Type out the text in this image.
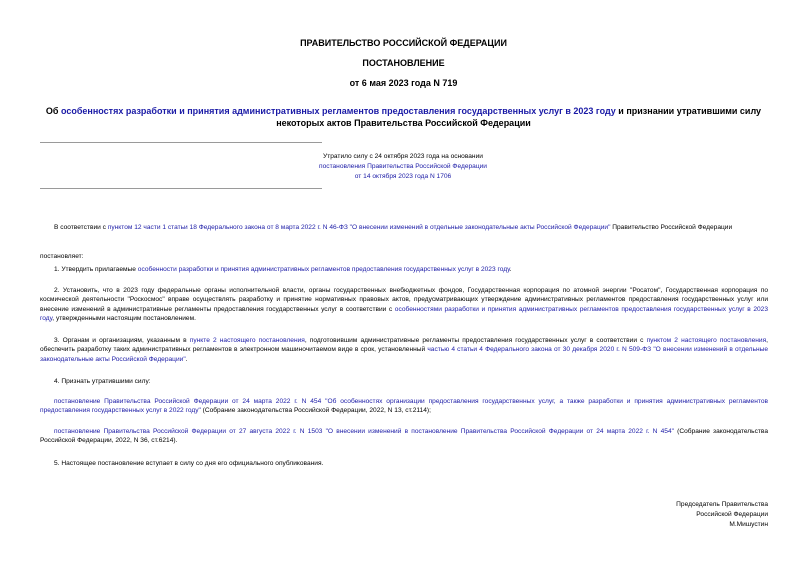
ПРАВИТЕЛЬСТВО РОССИЙСКОЙ ФЕДЕРАЦИИ
ПОСТАНОВЛЕНИЕ
от 6 мая 2023 года N 719
Об особенностях разработки и принятия административных регламентов предоставления государственных услуг в 2023 году и признании утратившими силу
некоторых актов Правительства Российской Федерации
Утратило силу с 24 октября 2023 года на основании
постановления Правительства Российской Федерации
от 14 октября 2023 года N 1706
В соответствии с пунктом 12 части 1 статьи 18 Федерального закона от 8 марта 2022 г. N 46-ФЗ "О внесении изменений в отдельные законодательные акты Российской Федерации" Правительство Российской Федерации
постановляет:
1. Утвердить прилагаемые особенности разработки и принятия административных регламентов предоставления государственных услуг в 2023 году.
2. Установить, что в 2023 году федеральные органы исполнительной власти, органы государственных внебюджетных фондов, Государственная корпорация по атомной энергии "Росатом", Государственная корпорация по космической деятельности "Роскосмос" вправе осуществлять разработку и принятие нормативных правовых актов, предусматривающих утверждение административных регламентов предоставления государственных услуг или внесение изменений в административные регламенты предоставления государственных услуг в соответствии с особенностями разработки и принятия административных регламентов предоставления государственных услуг в 2023 году, утвержденными настоящим постановлением.
3. Органам и организациям, указанным в пункте 2 настоящего постановления, подготовившим административные регламенты предоставления государственных услуг в соответствии с пунктом 2 настоящего постановления, обеспечить разработку таких административных регламентов в электронном машиночитаемом виде в срок, установленный частью 4 статьи 4 Федерального закона от 30 декабря 2020 г. N 509-ФЗ "О внесении изменений в отдельные законодательные акты Российской Федерации".
4. Признать утратившими силу:
постановление Правительства Российской Федерации от 24 марта 2022 г. N 454 "Об особенностях организации предоставления государственных услуг, а также разработки и принятия административных регламентов предоставления государственных услуг в 2022 году" (Собрание законодательства Российской Федерации, 2022, N 13, ст.2114);
постановление Правительства Российской Федерации от 27 августа 2022 г. N 1503 "О внесении изменений в постановление Правительства Российской Федерации от 24 марта 2022 г. N 454" (Собрание законодательства Российской Федерации, 2022, N 36, ст.6214).
5. Настоящее постановление вступает в силу со дня его официального опубликования.
Председатель Правительства
Российской Федерации
М.Мишустин
